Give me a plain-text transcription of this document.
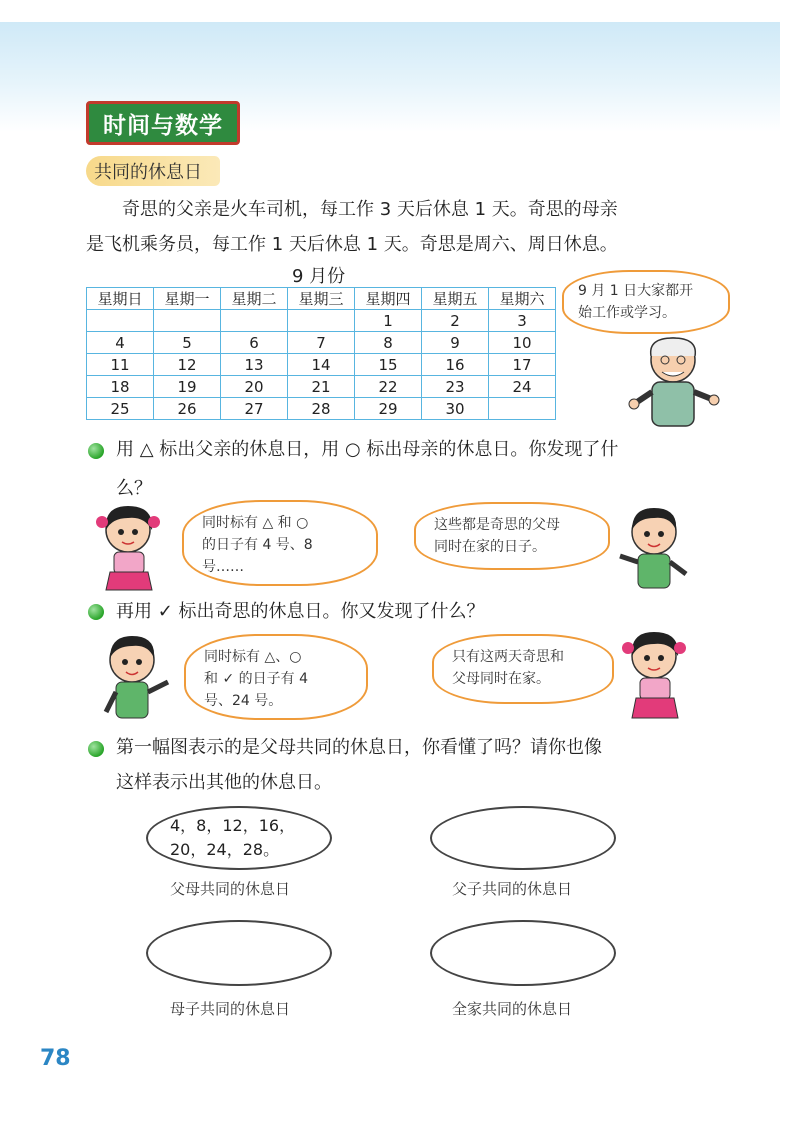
时间与数学
共同的休息日
奇思的父亲是火车司机，每工作 3 天后休息 1 天。奇思的母亲
是飞机乘务员，每工作 1 天后休息 1 天。奇思是周六、周日休息。
9 月份
星期日	星期一	星期二	星期三	星期四	星期五	星期六
				1	2	3
4	5	6	7	8	9	10
11	12	13	14	15	16	17
18	19	20	21	22	23	24
25	26	27	28	29	30	
9 月 1 日大家都开
始工作或学习。
用 △ 标出父亲的休息日，用 ○ 标出母亲的休息日。你发现了什
么？
同时标有 △ 和 ○
的日子有 4 号、8
号……
这些都是奇思的父母
同时在家的日子。
再用 ✓ 标出奇思的休息日。你又发现了什么？
同时标有 △、○
和 ✓ 的日子有 4
号、24 号。
只有这两天奇思和
父母同时在家。
第一幅图表示的是父母共同的休息日，你看懂了吗？请你也像
这样表示出其他的休息日。
4，8，12，16，
20，24，28。
父母共同的休息日	父子共同的休息日
母子共同的休息日	全家共同的休息日
78
